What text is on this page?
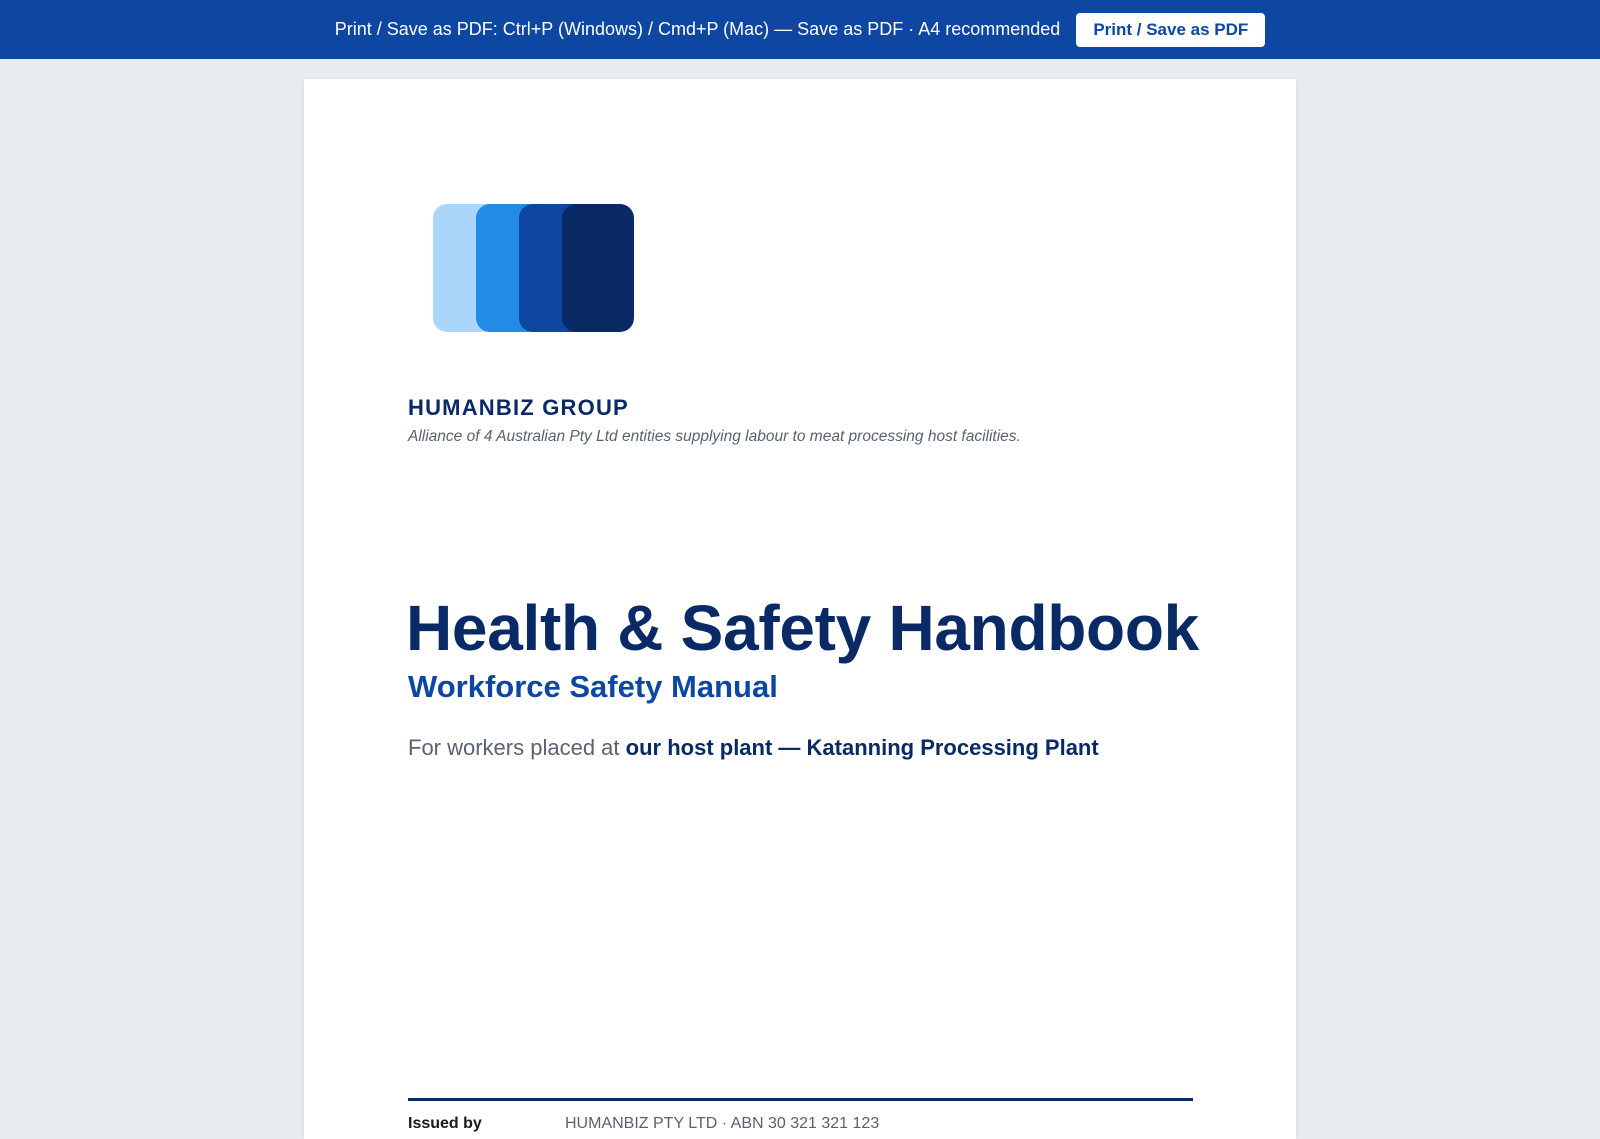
Print / Save as PDF: Ctrl+P (Windows) / Cmd+P (Mac) — Save as PDF · A4 recommended	Print / Save as PDF

HUMANBIZ GROUP

Alliance of 4 Australian Pty Ltd entities supplying labour to meat processing host facilities.

Health & Safety Handbook
Workforce Safety Manual

For workers placed at our host plant — Katanning Processing Plant

Issued by	HUMANBIZ PTY LTD · ABN 30 321 321 123
